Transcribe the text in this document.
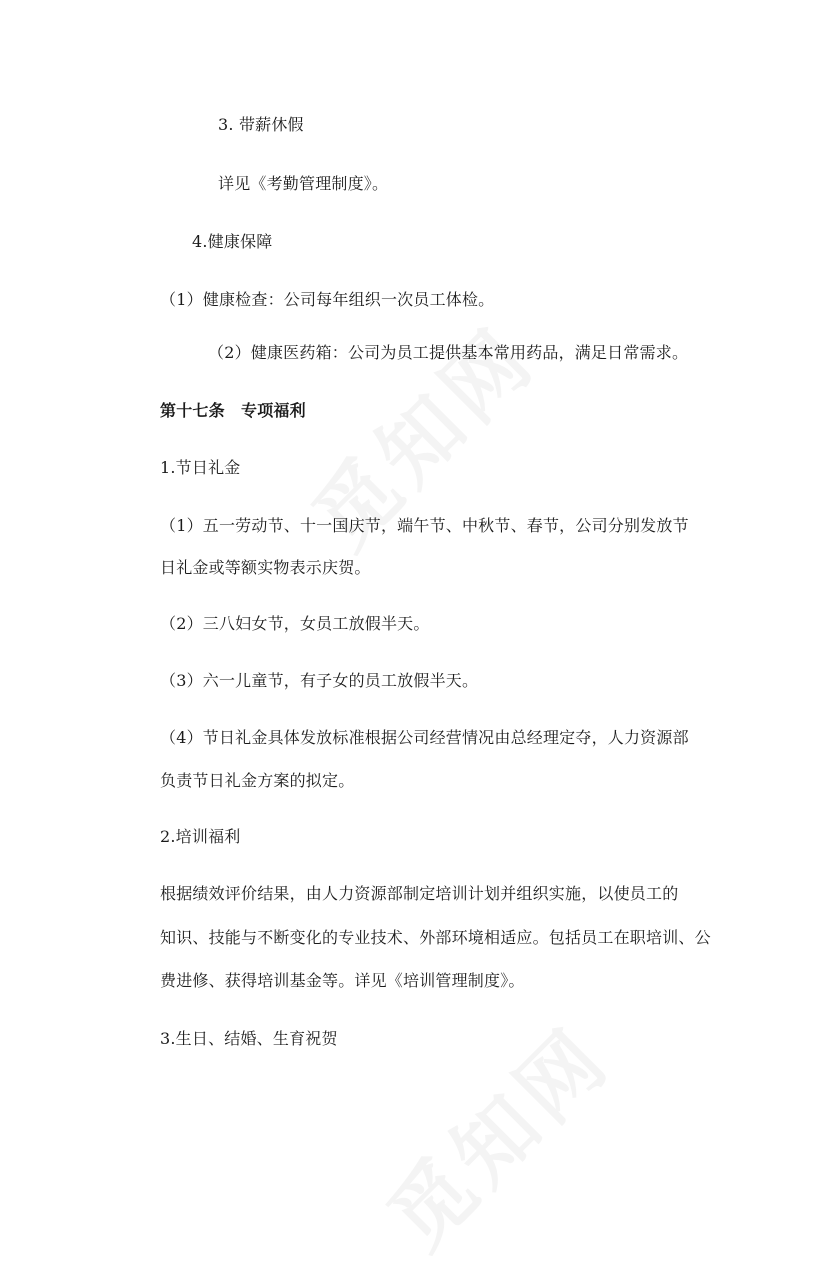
3. 带薪休假
详见《考勤管理制度》。
4.健康保障
（1）健康检查：公司每年组织一次员工体检。
（2）健康医药箱：公司为员工提供基本常用药品，满足日常需求。
第十七条　专项福利
1.节日礼金
（1）五一劳动节、十一国庆节，端午节、中秋节、春节，公司分别发放节
日礼金或等额实物表示庆贺。
（2）三八妇女节，女员工放假半天。
（3）六一儿童节，有子女的员工放假半天。
（4）节日礼金具体发放标准根据公司经营情况由总经理定夺，人力资源部
负责节日礼金方案的拟定。
2.培训福利
根据绩效评价结果，由人力资源部制定培训计划并组织实施，以使员工的
知识、技能与不断变化的专业技术、外部环境相适应。包括员工在职培训、公
费进修、获得培训基金等。详见《培训管理制度》。
3.生日、结婚、生育祝贺
